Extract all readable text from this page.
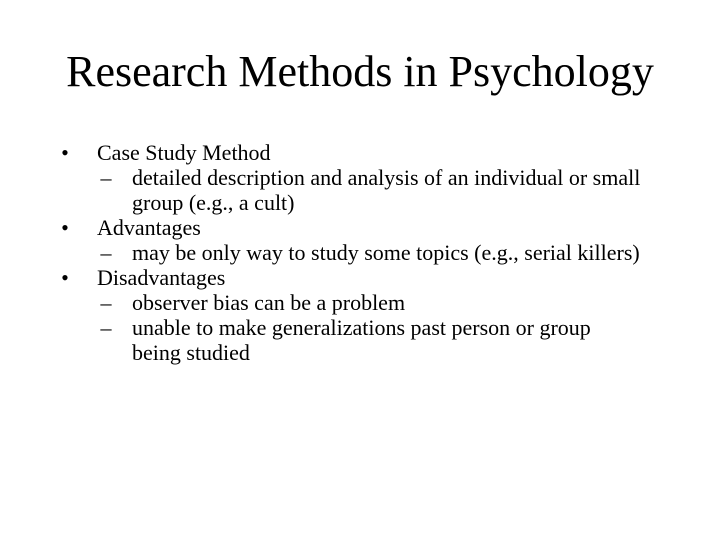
Research Methods in Psychology
• Case Study Method
– detailed description and analysis of an individual or small group (e.g., a cult)
• Advantages
– may be only way to study some topics (e.g., serial killers)
• Disadvantages
– observer bias can be a problem
– unable to make generalizations past person or group being studied
